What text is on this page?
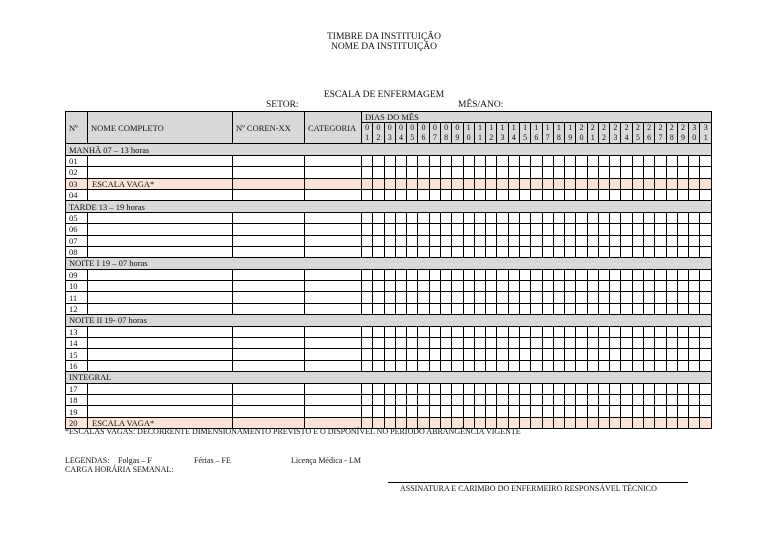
TIMBRE DA INSTITUIÇÃO
NOME DA INSTITUIÇÃO
ESCALA DE ENFERMAGEM
SETOR:	MÊS/ANO:
Nº	NOME COMPLETO	Nº COREN-XX	CATEGORIA	DIAS DO MÊS																														
				01	02	03	04	05	06	07	08	09	10	11	12	13	14	15	16	17	18	19	20	21	22	23	24	25	26	27	28	29	30	31
MANHÃ 07 – 13 horas																																		
01																																		
02																																		
03	ESCALA VAGA*																																	
04																																		
TARDE 13 – 19 horas																																		
05																																		
06																																		
07																																		
08																																		
NOITE I 19 – 07 horas																																		
09																																		
10																																		
11																																		
12																																		
NOITE II 19- 07 horas																																		
13																																		
14																																		
15																																		
16																																		
INTEGRAL																																		
17																																		
18																																		
19																																		
20	ESCALA VAGA*																																	
*ESCALAS VAGAS: DECORRENTE DIMENSIONAMENTO PREVISTO E O DISPONÍVEL NO PERÍODO ABRANGÊNCIA VIGENTE
LEGENDAS: Folgas – F	Férias – FE	Licença Médica - LM
CARGA HORÁRIA SEMANAL:
ASSINATURA E CARIMBO DO ENFERMEIRO RESPONSÁVEL TÉCNICO
